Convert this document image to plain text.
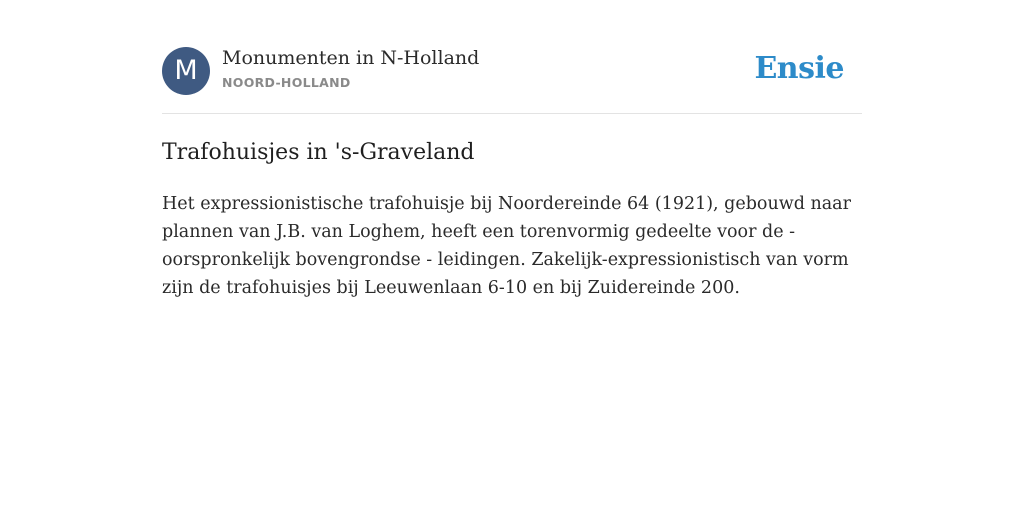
M	Monumenten in N-Holland
NOORD-HOLLAND	Ensie
Trafohuisjes in 's-Graveland

Het expressionistische trafohuisje bij Noordereinde 64 (1921), gebouwd naar plannen van J.B. van Loghem, heeft een torenvormig gedeelte voor de - oorspronkelijk bovengrondse - leidingen. Zakelijk-expressionistisch van vorm zijn de trafohuisjes bij Leeuwenlaan 6-10 en bij Zuidereinde 200.
